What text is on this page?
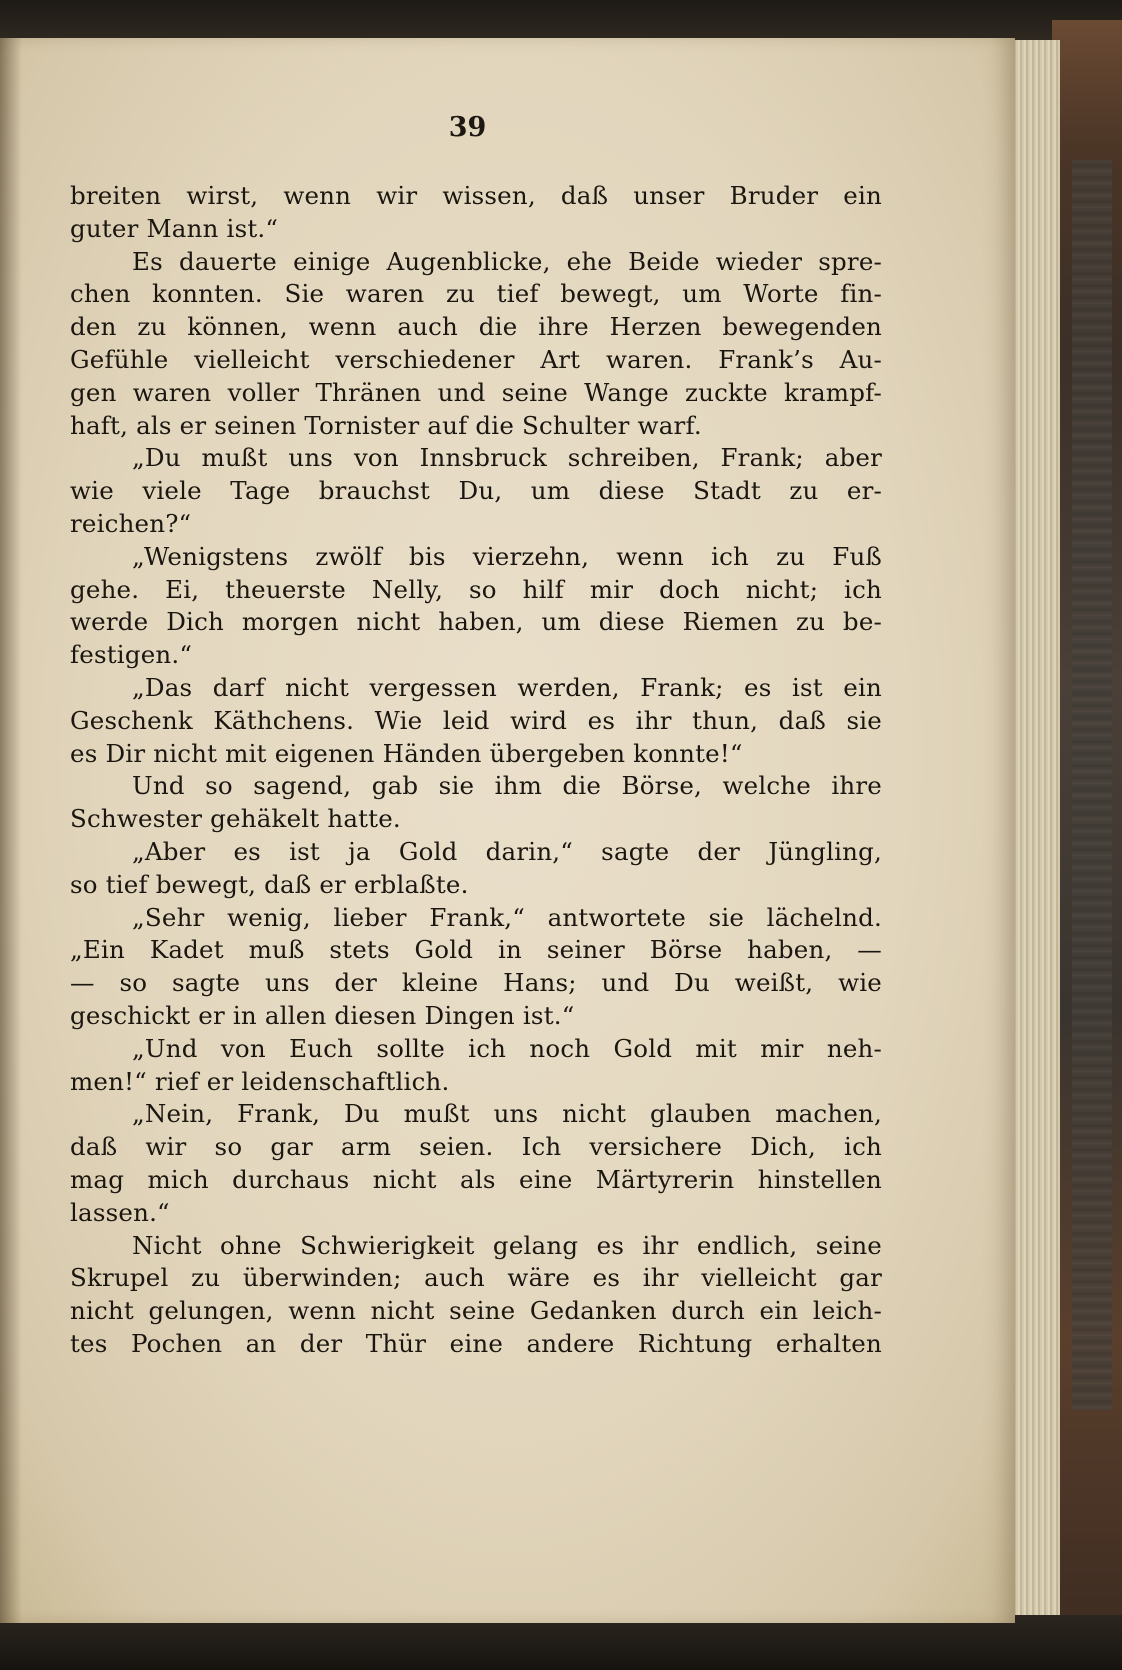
39
breiten wirst, wenn wir wissen, daß unser Bruder ein
guter Mann ist.“
Es dauerte einige Augenblicke, ehe Beide wieder spre-
chen konnten. Sie waren zu tief bewegt, um Worte fin-
den zu können, wenn auch die ihre Herzen bewegenden
Gefühle vielleicht verschiedener Art waren. Frank’s Au-
gen waren voller Thränen und seine Wange zuckte krampf-
haft, als er seinen Tornister auf die Schulter warf.
„Du mußt uns von Innsbruck schreiben, Frank; aber
wie viele Tage brauchst Du, um diese Stadt zu er-
reichen?“
„Wenigstens zwölf bis vierzehn, wenn ich zu Fuß
gehe. Ei, theuerste Nelly, so hilf mir doch nicht; ich
werde Dich morgen nicht haben, um diese Riemen zu be-
festigen.“
„Das darf nicht vergessen werden, Frank; es ist ein
Geschenk Käthchens. Wie leid wird es ihr thun, daß sie
es Dir nicht mit eigenen Händen übergeben konnte!“
Und so sagend, gab sie ihm die Börse, welche ihre
Schwester gehäkelt hatte.
„Aber es ist ja Gold darin,“ sagte der Jüngling,
so tief bewegt, daß er erblaßte.
„Sehr wenig, lieber Frank,“ antwortete sie lächelnd.
„Ein Kadet muß stets Gold in seiner Börse haben, —
— so sagte uns der kleine Hans; und Du weißt, wie
geschickt er in allen diesen Dingen ist.“
„Und von Euch sollte ich noch Gold mit mir neh-
men!“ rief er leidenschaftlich.
„Nein, Frank, Du mußt uns nicht glauben machen,
daß wir so gar arm seien. Ich versichere Dich, ich
mag mich durchaus nicht als eine Märtyrerin hinstellen
lassen.“
Nicht ohne Schwierigkeit gelang es ihr endlich, seine
Skrupel zu überwinden; auch wäre es ihr vielleicht gar
nicht gelungen, wenn nicht seine Gedanken durch ein leich-
tes Pochen an der Thür eine andere Richtung erhalten
